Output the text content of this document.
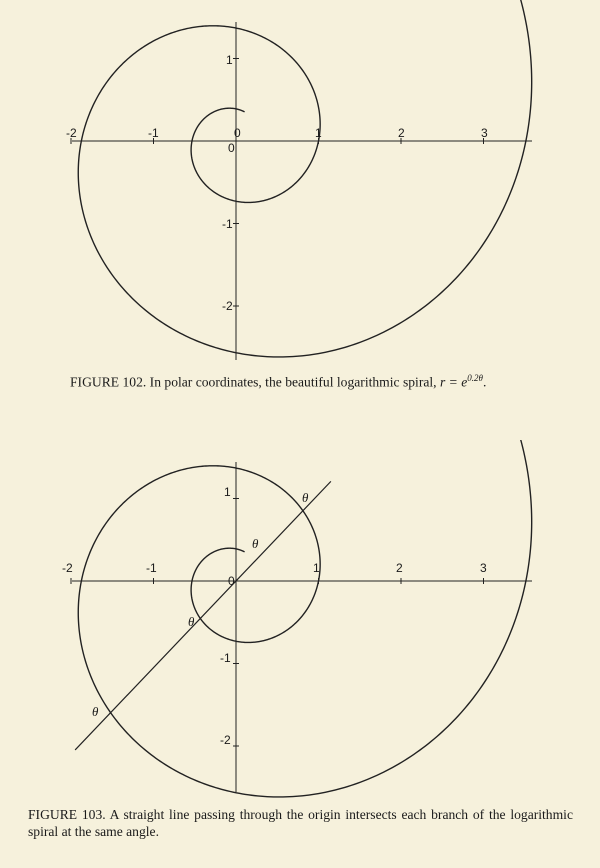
-2	-1	0	1	2	3
0
1
-1
-2

FIGURE 102. In polar coordinates, the beautiful logarithmic spiral, $r = e^{0.2\theta}$.

-2	-1
0
1	2	3
1
-1
-2
θ
θ
θ
θ

FIGURE 103. A straight line passing through the origin intersects each branch of the logarithmic spiral at the same angle.
